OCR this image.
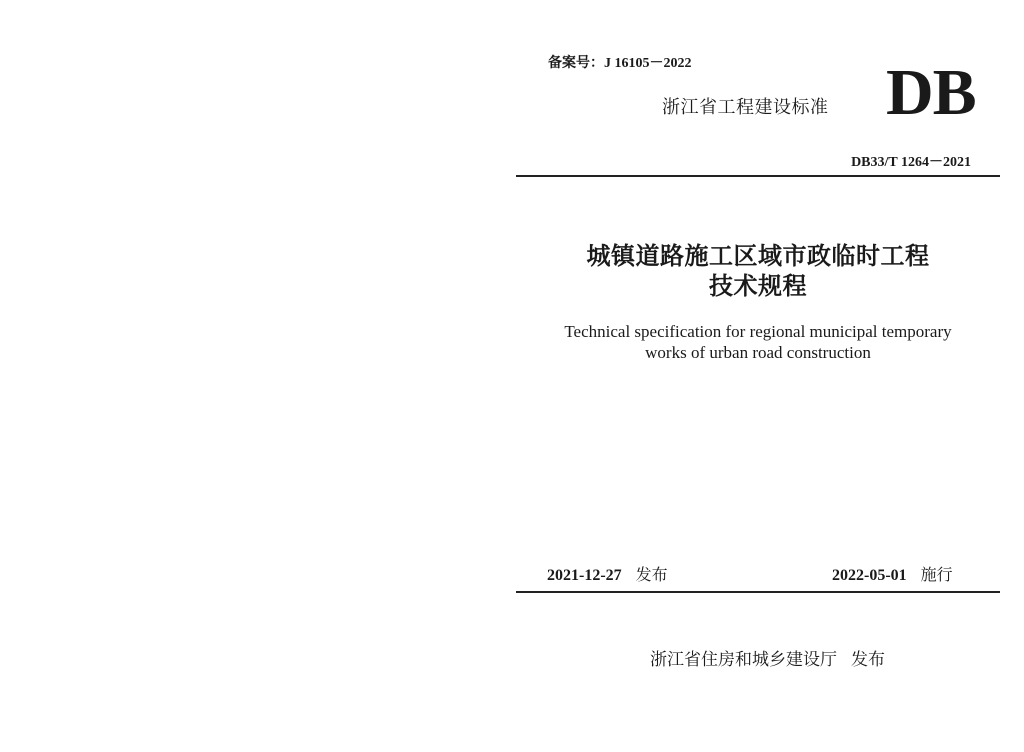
备案号：J 16105－2022
浙江省工程建设标准 DB
DB33/T 1264－2021
城镇道路施工区域市政临时工程
技术规程
Technical specification for regional municipal temporary
works of urban road construction
2021-12-27 发布	2022-05-01 施行
浙江省住房和城乡建设厅 发布
